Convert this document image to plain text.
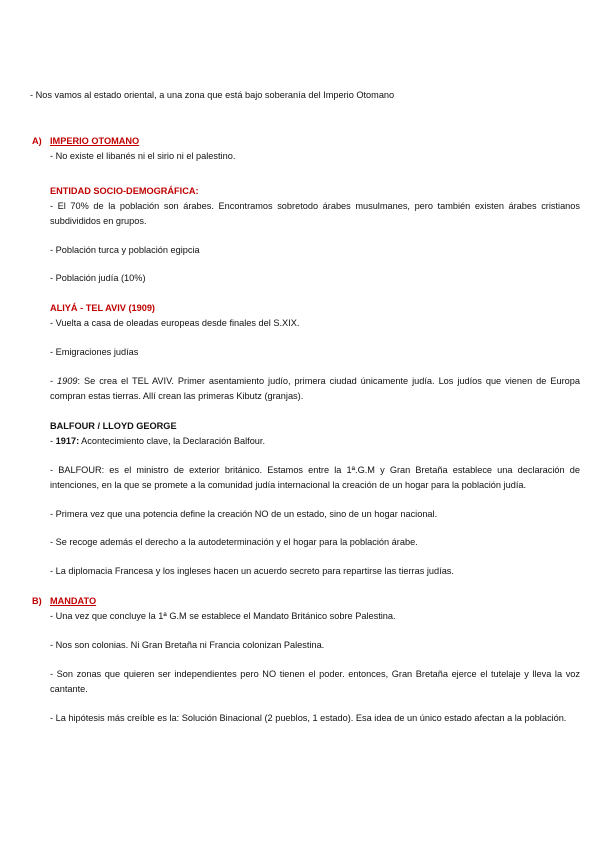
- Nos vamos al estado oriental, a una zona que está bajo soberanía del Imperio Otomano

A) IMPERIO OTOMANO

- No existe el libanés ni el sirio ni el palestino.

ENTIDAD SOCIO-DEMOGRÁFICA:

- El 70% de la población son árabes. Encontramos sobretodo árabes musulmanes, pero también existen árabes cristianos subdivididos en grupos.

- Población turca y población egipcia

- Población judía (10%)

ALIYÁ - TEL AVIV (1909)

- Vuelta a casa de oleadas europeas desde finales del S.XIX.

- Emigraciones judías

- 1909: Se crea el TEL AVIV. Primer asentamiento judío, primera ciudad únicamente judía. Los judíos que vienen de Europa compran estas tierras. Allí crean las primeras Kibutz (granjas).

BALFOUR / LLOYD GEORGE

- 1917: Acontecimiento clave, la Declaración Balfour.

- BALFOUR: es el ministro de exterior británico. Estamos entre la 1ª.G.M y Gran Bretaña establece una declaración de intenciones, en la que se promete a la comunidad judía internacional la creación de un hogar para la población judía.

- Primera vez que una potencia define la creación NO de un estado, sino de un hogar nacional.

- Se recoge además el derecho a la autodeterminación y el hogar para la población árabe.

- La diplomacia Francesa y los ingleses hacen un acuerdo secreto para repartirse las tierras judías.

B) MANDATO

- Una vez que concluye la 1ª G.M se establece el Mandato Británico sobre Palestina.

- Nos son colonias. Ni Gran Bretaña ni Francia colonizan Palestina.

- Son zonas que quieren ser independientes pero NO tienen el poder. entonces, Gran Bretaña ejerce el tutelaje y lleva la voz cantante.

- La hipótesis más creíble es la: Solución Binacional (2 pueblos, 1 estado). Esa idea de un único estado afectan a la población.
